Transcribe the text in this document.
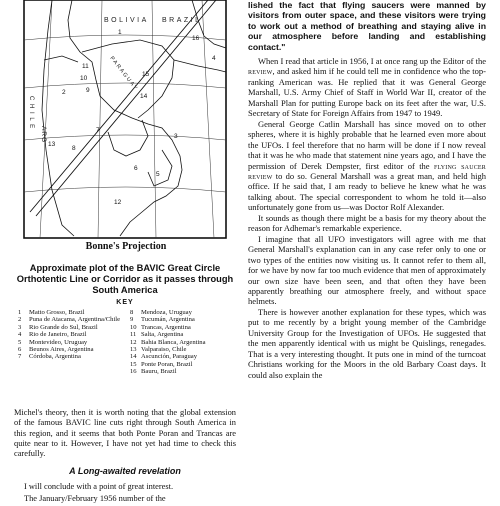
BOLIVIA BRAZIL
PARAGUAY
ARG
C H I L E
1
2
3
4
5
6
7
8
9
10
11
12
13
14
15
16
Bonne's Projection
Approximate plot of the BAVIC Great Circle Orthotentic Line or Corridor as it passes through South America
KEY
1	Matto Grosso, Brazil
2	Puna de Atacama, Argentina/Chile
3	Rio Grande do Sul, Brazil
4	Rio de Janeiro, Brazil
5	Montevideo, Uruguay
6	Beunos Aires, Argentina
7	Córdoba, Argentina
8	Mendoza, Uruguay
9	Tucumán, Argentina
10 Trancas, Argentina
11 Salta, Argentina
12 Bahia Blanca, Argentina
13 Valparaiso, Chile
14 Ascunción, Paraguay
15 Ponte Poran, Brazil
16 Bauru, Brazil

Michel's theory, then it is worth noting that the global extension of the famous BAVIC line cuts right through South America in this region, and it seems that both Ponte Poran and Trancas are quite near to it. However, I have not yet had time to check this carefully.

A Long-awaited revelation

I will conclude with a point of great interest.

The January/February 1956 number of the

lished the fact that flying saucers were manned by visitors from outer space, and these visitors were trying to work out a method of breathing and staying alive in our atmosphere before landing and establishing contact."

When I read that article in 1956, I at once rang up the Editor of the review, and asked him if he could tell me in confidence who the top-ranking American was. He replied that it was General George Marshall, U.S. Army Chief of Staff in World War II, creator of the Marshall Plan for putting Europe back on its feet after the war, U.S. Secretary of State for Foreign Affairs from 1947 to 1949.

General George Catlin Marshall has since moved on to other spheres, where it is highly probable that he learned even more about the UFOs. I feel therefore that no harm will be done if I now reveal that it was he who made that statement nine years ago, and I have the permission of Derek Dempster, first editor of the flying saucer review to do so. General Marshall was a great man, and held high office. If he said that, I am ready to believe he knew what he was talking about. The special correspondent to whom he told it—also unfortunately gone from us—was Doctor Rolf Alexander.

It sounds as though there might be a basis for my theory about the reason for Adhemar's remarkable experience.

I imagine that all UFO investigators will agree with me that General Marshall's explanation can in any case refer only to one or two types of the entities now visiting us. It cannot refer to them all, for we have by now far too much evidence that men of approximately our own size have been seen, and that often they have been apparently breathing our atmosphere freely, and without space helmets.

There is however another explanation for these types, which was put to me recently by a bright young member of the Cambridge University Group for the Investigation of UFOs. He suggested that the men apparently identical with us might be Quislings, renegades. That is a very interesting thought. It puts one in mind of the turncoat Christians working for the Moors in the old Barbary Coast days. It could also explain the
